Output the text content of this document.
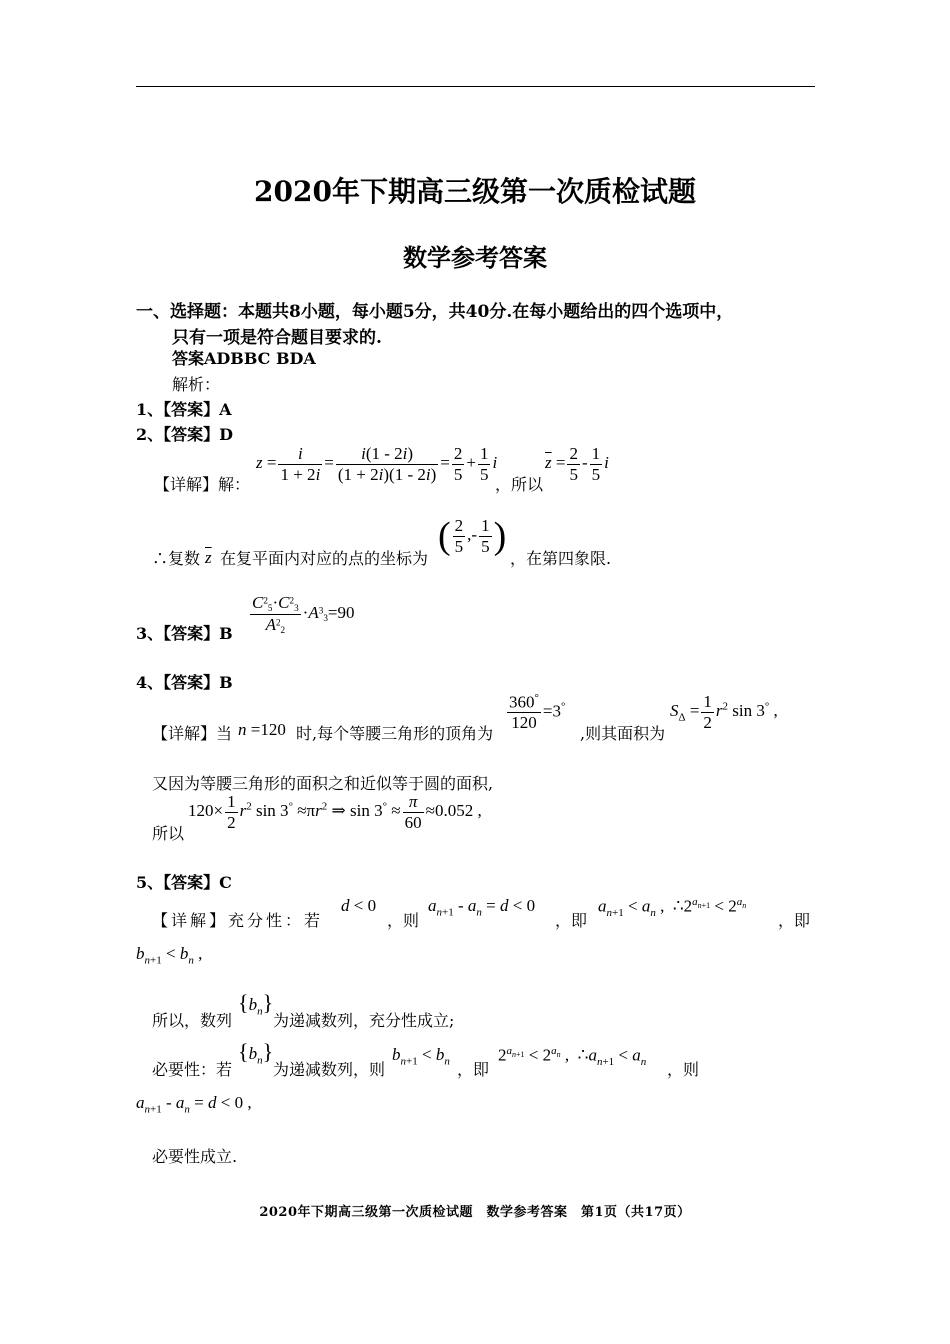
2020年下期高三级第一次质检试题
数学参考答案
一、选择题：本题共8小题，每小题5分，共40分.在每小题给出的四个选项中，
只有一项是符合题目要求的.
答案ADBBC BDA
解析：
1、【答案】A
2、【答案】D
【详解】解：
$z = \frac{i}{1 + 2i} = \frac{i(1 - 2i)}{(1 + 2i)(1 - 2i)} = \frac{2}{5} + \frac{1}{5}$ i
，所以
$\overline{z} = \frac{2}{5} - \frac{1}{5}$ i
∴复数 $\overline{z}$ 在复平面内对应的点的坐标为
( $\frac{2}{5}$ ,- $\frac{1}{5}$ )
，在第四象限.
3、【答案】B $\frac{C^2_5\cdot C^2_3}{A^2_2} \cdot A^3_3=90$
4、【答案】B
【详解】当 n =120 时,每个等腰三角形的顶角为
$\frac{360^\circ}{120} =3^\circ$
,则其面积为
$S_\Delta = \frac{1}{2} r^2$ sin 3° ,
又因为等腰三角形的面积之和近似等于圆的面积,
所以
$120\times \frac{1}{2} r^2$ $\sin 3^\circ \approx\pi r^2$ ⇒ $\sin 3^\circ \approx \frac{\pi}{60} \approx 0.052$ ,
5、【答案】C
【详解】充分性：若
d < 0
，则
$a_{n+1} - a_n = d < 0$
，即
$a_{n+1} < a_n$ ,  $\therefore 2^{a_{n+1}} < 2^{a_n}$
，即
$b_{n+1} < b_n$ ,
所以，数列
$\{b_n\}$
为递减数列，充分性成立;
必要性：若
$\{b_n\}$
为递减数列，则
$b_{n+1} < b_n$ ，即
$2^{a_{n+1}} < 2^{a_n}$ ,  $\therefore a_{n+1} < a_n$ ，则
$a_{n+1} - a_n = d < 0$ ,
必要性成立.
2020年下期高三级第一次质检试题　数学参考答案　第1页（共17页）
